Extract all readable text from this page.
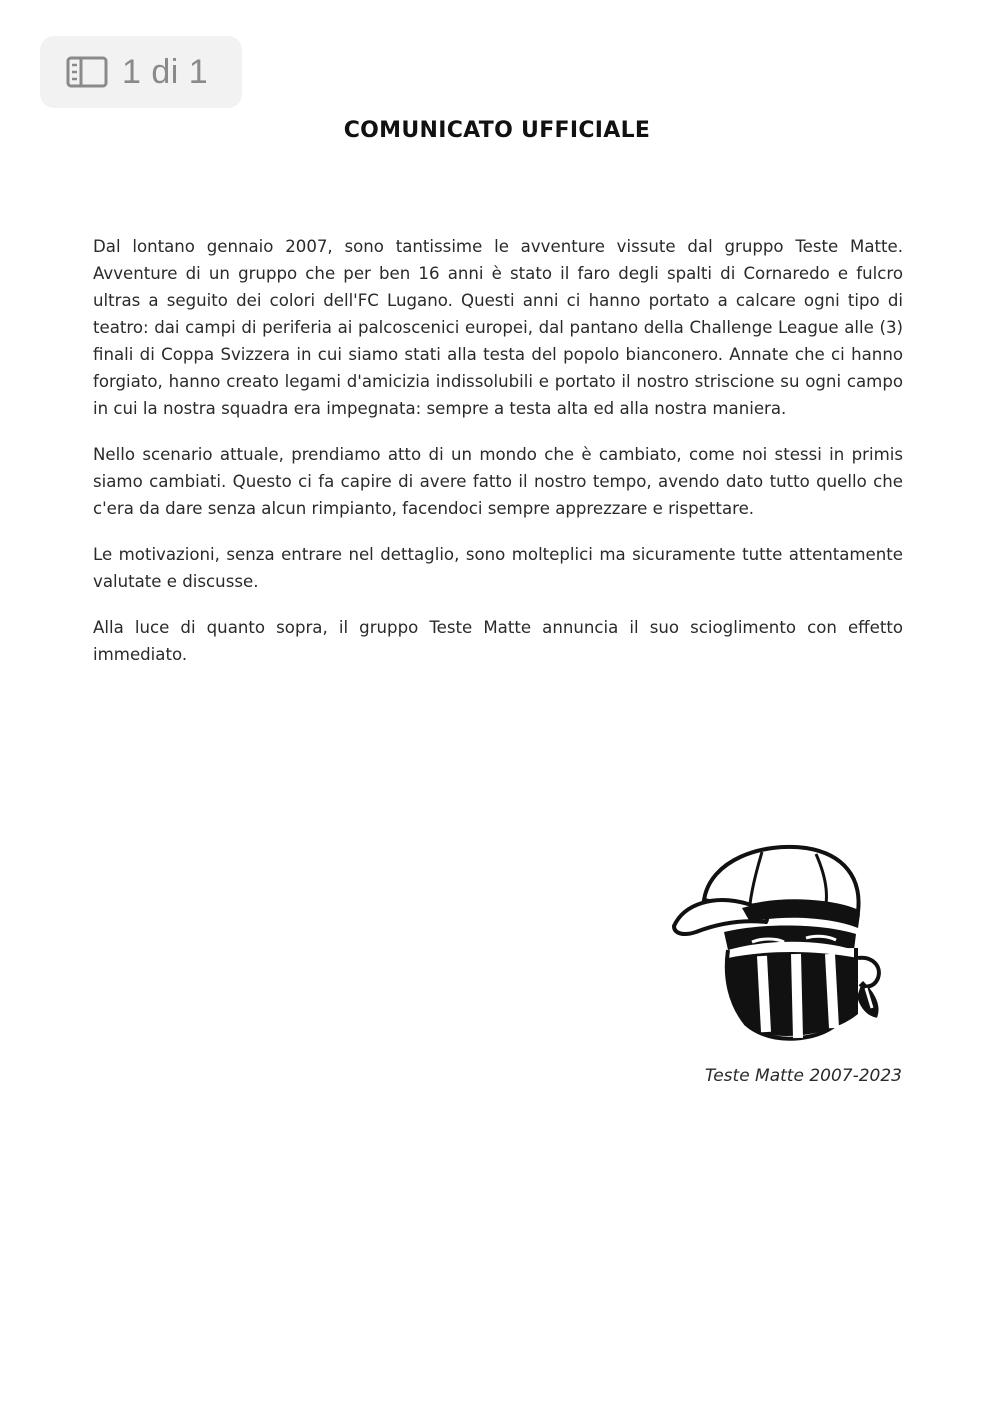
1 di 1
COMUNICATO UFFICIALE

Dal lontano gennaio 2007, sono tantissime le avventure vissute dal gruppo Teste Matte. Avventure di un gruppo che per ben 16 anni è stato il faro degli spalti di Cornaredo e fulcro ultras a seguito dei colori dell'FC Lugano. Questi anni ci hanno portato a calcare ogni tipo di teatro: dai campi di periferia ai palcoscenici europei, dal pantano della Challenge League alle (3) finali di Coppa Svizzera in cui siamo stati alla testa del popolo bianconero. Annate che ci hanno forgiato, hanno creato legami d'amicizia indissolubili e portato il nostro striscione su ogni campo in cui la nostra squadra era impegnata: sempre a testa alta ed alla nostra maniera.

Nello scenario attuale, prendiamo atto di un mondo che è cambiato, come noi stessi in primis siamo cambiati. Questo ci fa capire di avere fatto il nostro tempo, avendo dato tutto quello che c'era da dare senza alcun rimpianto, facendoci sempre apprezzare e rispettare.

Le motivazioni, senza entrare nel dettaglio, sono molteplici ma sicuramente tutte attentamente valutate e discusse.

Alla luce di quanto sopra, il gruppo Teste Matte annuncia il suo scioglimento con effetto immediato.

Teste Matte 2007-2023
